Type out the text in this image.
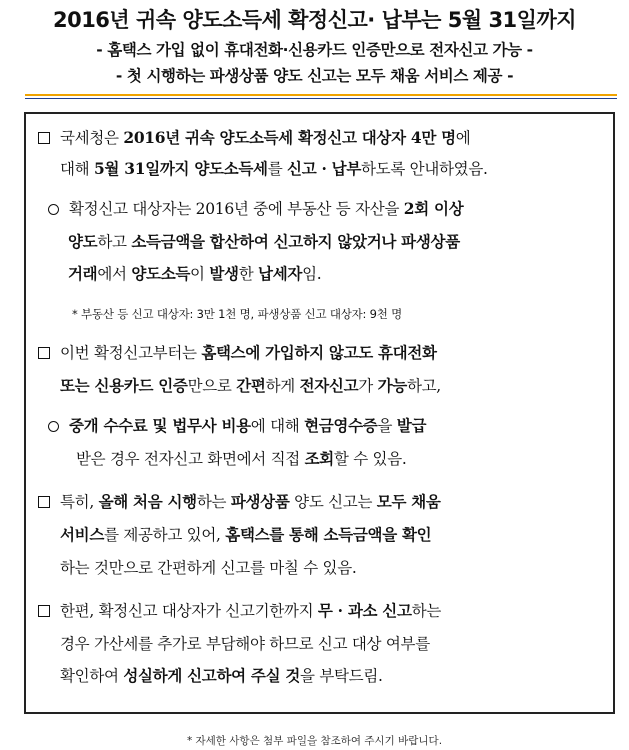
2016년 귀속 양도소득세 확정신고· 납부는 5월 31일까지
- 홈택스 가입 없이 휴대전화·신용카드 인증만으로 전자신고 가능 -
- 첫 시행하는 파생상품 양도 신고는 모두 채움 서비스 제공 -
국세청은 2016년 귀속 양도소득세 확정신고 대상자 4만 명에
대해 5월 31일까지 양도소득세를 신고 · 납부하도록 안내하였음.
확정신고 대상자는 2016년 중에 부동산 등 자산을 2회 이상
양도하고 소득금액을 합산하여 신고하지 않았거나 파생상품
거래에서 양도소득이 발생한 납세자임.
* 부동산 등 신고 대상자: 3만 1천 명, 파생상품 신고 대상자: 9천 명
이번 확정신고부터는 홈택스에 가입하지 않고도 휴대전화
또는 신용카드 인증만으로 간편하게 전자신고가 가능하고,
중개 수수료 및 법무사 비용에 대해 현금영수증을 발급
받은 경우 전자신고 화면에서 직접 조회할 수 있음.
특히, 올해 처음 시행하는 파생상품 양도 신고는 모두 채움
서비스를 제공하고 있어, 홈택스를 통해 소득금액을 확인
하는 것만으로 간편하게 신고를 마칠 수 있음.
한편, 확정신고 대상자가 신고기한까지 무 · 과소 신고하는
경우 가산세를 추가로 부담해야 하므로 신고 대상 여부를
확인하여 성실하게 신고하여 주실 것을 부탁드림.
* 자세한 사항은 첨부 파일을 참조하여 주시기 바랍니다.
